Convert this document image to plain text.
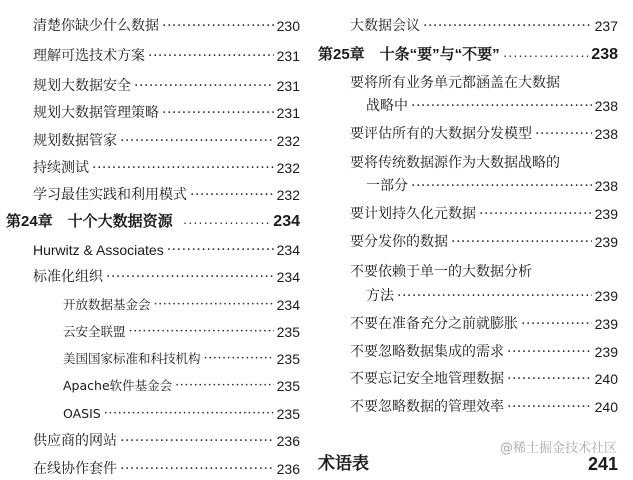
清楚你缺少什么数据 ·····	230
理解可选技术方案 ·····	231
规划大数据安全 ·····	231
规划大数据管理策略 ·····	231
规划数据管家 ·····	232
持续测试 ·····	232
学习最佳实践和利用模式 ·····	232
第24章　十个大数据资源 ·····	234
Hurwitz & Associates ·····	234
标准化组织 ·····	234
开放数据基金会 ·····	234
云安全联盟 ·····	235
美国国家标准和科技机构 ·····	235
Apache软件基金会 ·····	235
OASIS ·····	235
供应商的网站 ·····	236
在线协作套件 ·····	236
大数据会议 ·····	237
第25章　十条“要”与“不要” ·····	238
要将所有业务单元都涵盖在大数据
战略中 ·····	238
要评估所有的大数据分发模型 ·····	238
要将传统数据源作为大数据战略的
一部分 ·····	238
要计划持久化元数据 ·····	239
要分发你的数据 ·····	239
不要依赖于单一的大数据分析
方法 ·····	239
不要在准备充分之前就膨胀 ·····	239
不要忽略数据集成的需求 ·····	239
不要忘记安全地管理数据 ·····	240
不要忽略数据的管理效率 ·····	240
术语表	241
@稀土掘金技术社区
